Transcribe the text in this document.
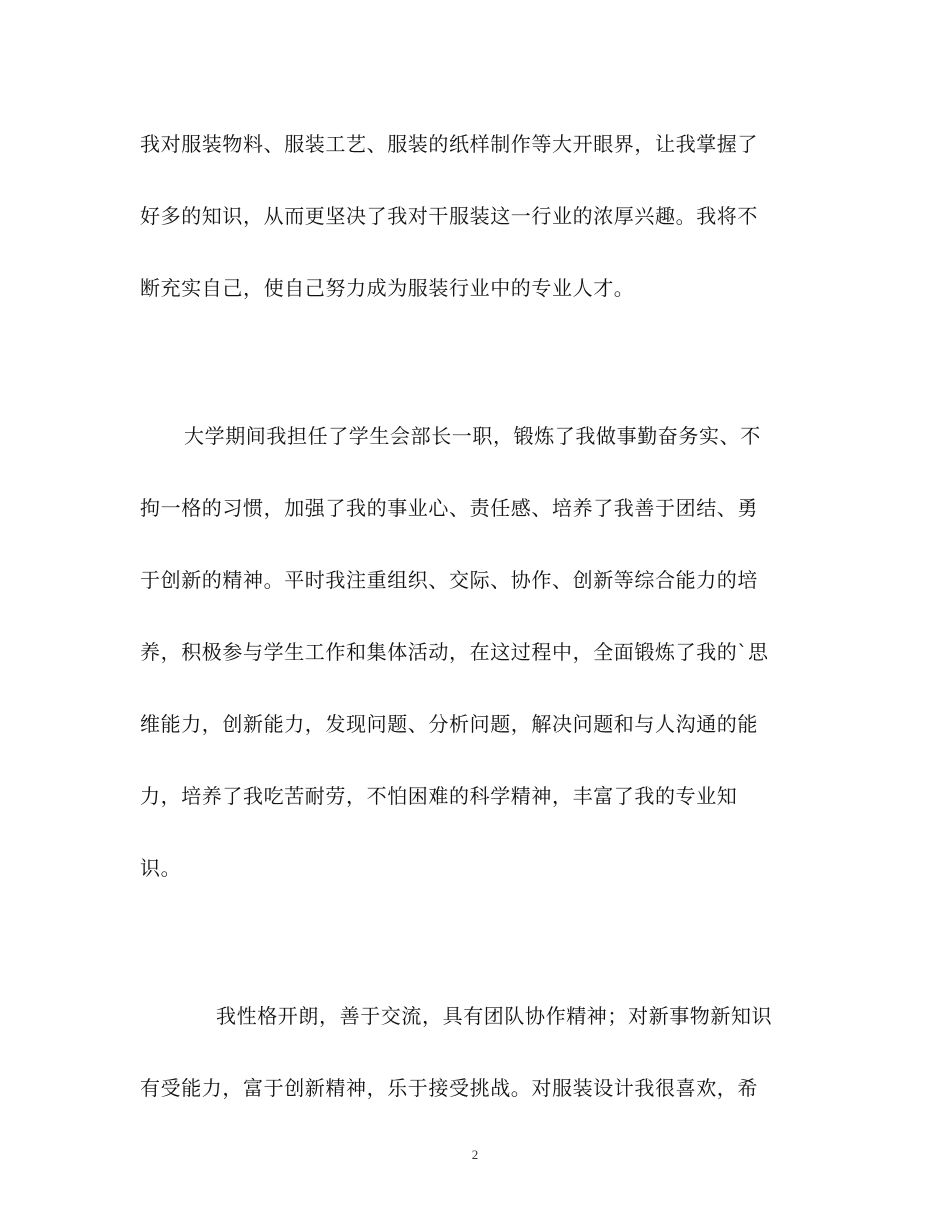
我对服装物料、服装工艺、服装的纸样制作等大开眼界，让我掌握了
好多的知识，从而更坚决了我对干服装这一行业的浓厚兴趣。我将不
断充实自己，使自己努力成为服装行业中的专业人才。
大学期间我担任了学生会部长一职，锻炼了我做事勤奋务实、不
拘一格的习惯，加强了我的事业心、责任感、培养了我善于团结、勇
于创新的精神。平时我注重组织、交际、协作、创新等综合能力的培
养，积极参与学生工作和集体活动，在这过程中，全面锻炼了我的`思
维能力，创新能力，发现问题、分析问题，解决问题和与人沟通的能
力，培养了我吃苦耐劳，不怕困难的科学精神，丰富了我的专业知
识。
我性格开朗，善于交流，具有团队协作精神；对新事物新知识
有受能力，富于创新精神，乐于接受挑战。对服装设计我很喜欢，希
2
